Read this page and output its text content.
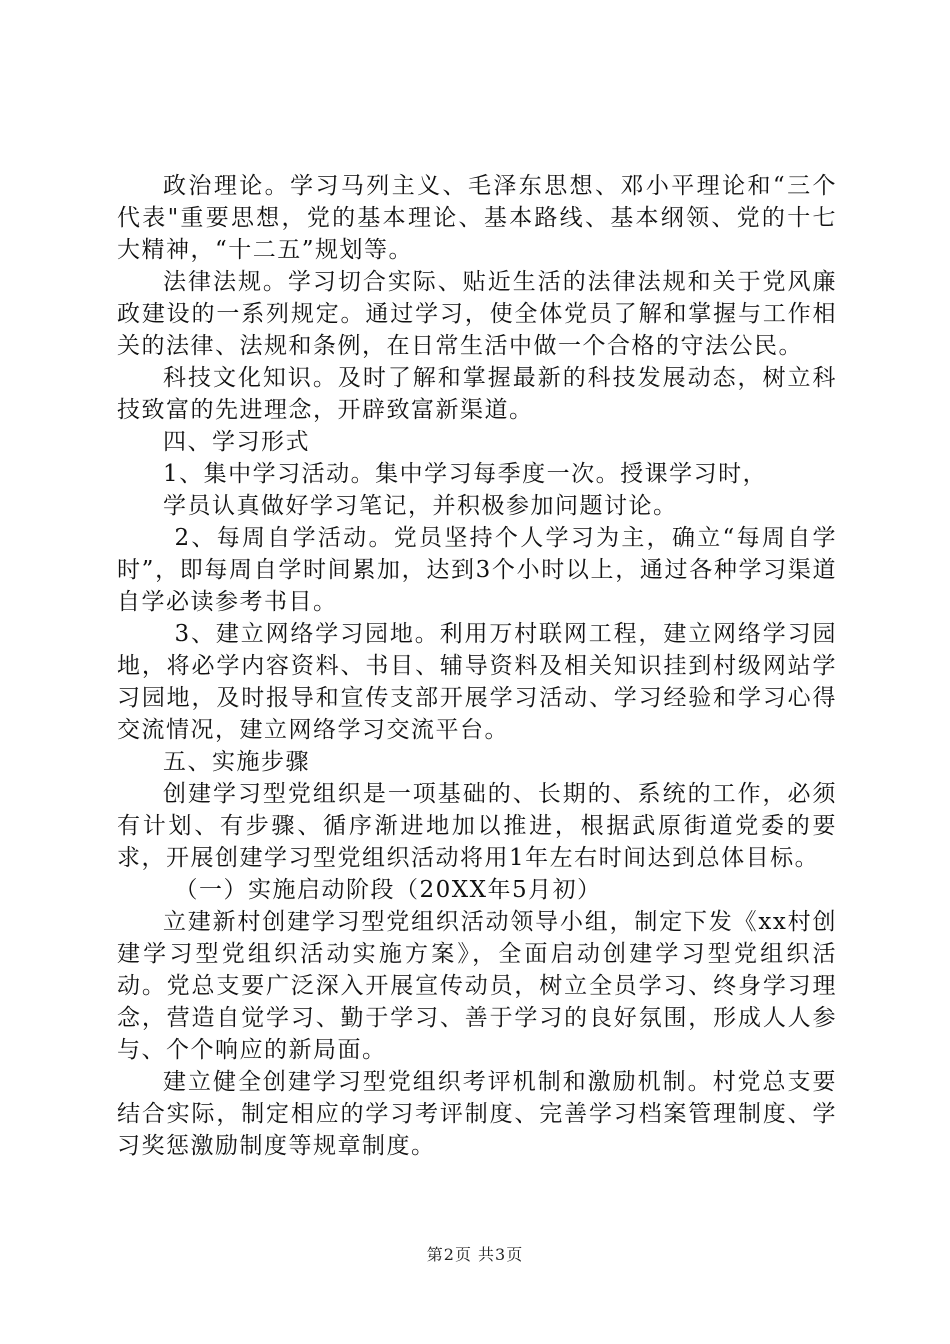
政治理论。学习马列主义、毛泽东思想、邓小平理论和“三个代表"重要思想，党的基本理论、基本路线、基本纲领、党的十七大精神，“十二五”规划等。

法律法规。学习切合实际、贴近生活的法律法规和关于党风廉政建设的一系列规定。通过学习，使全体党员了解和掌握与工作相关的法律、法规和条例，在日常生活中做一个合格的守法公民。

科技文化知识。及时了解和掌握最新的科技发展动态，树立科技致富的先进理念，开辟致富新渠道。

四、学习形式

1、集中学习活动。集中学习每季度一次。授课学习时，

学员认真做好学习笔记，并积极参加问题讨论。

2、每周自学活动。党员坚持个人学习为主，确立“每周自学时”，即每周自学时间累加，达到3个小时以上，通过各种学习渠道自学必读参考书目。

3、建立网络学习园地。利用万村联网工程，建立网络学习园地，将必学内容资料、书目、辅导资料及相关知识挂到村级网站学习园地，及时报导和宣传支部开展学习活动、学习经验和学习心得交流情况，建立网络学习交流平台。

五、实施步骤

创建学习型党组织是一项基础的、长期的、系统的工作，必须有计划、有步骤、循序渐进地加以推进，根据武原街道党委的要求，开展创建学习型党组织活动将用1年左右时间达到总体目标。

（一）实施启动阶段（20XX年5月初）

立建新村创建学习型党组织活动领导小组，制定下发《xx村创建学习型党组织活动实施方案》，全面启动创建学习型党组织活动。党总支要广泛深入开展宣传动员，树立全员学习、终身学习理念，营造自觉学习、勤于学习、善于学习的良好氛围，形成人人参与、个个响应的新局面。

建立健全创建学习型党组织考评机制和激励机制。村党总支要结合实际，制定相应的学习考评制度、完善学习档案管理制度、学习奖惩激励制度等规章制度。

第2页 共3页
